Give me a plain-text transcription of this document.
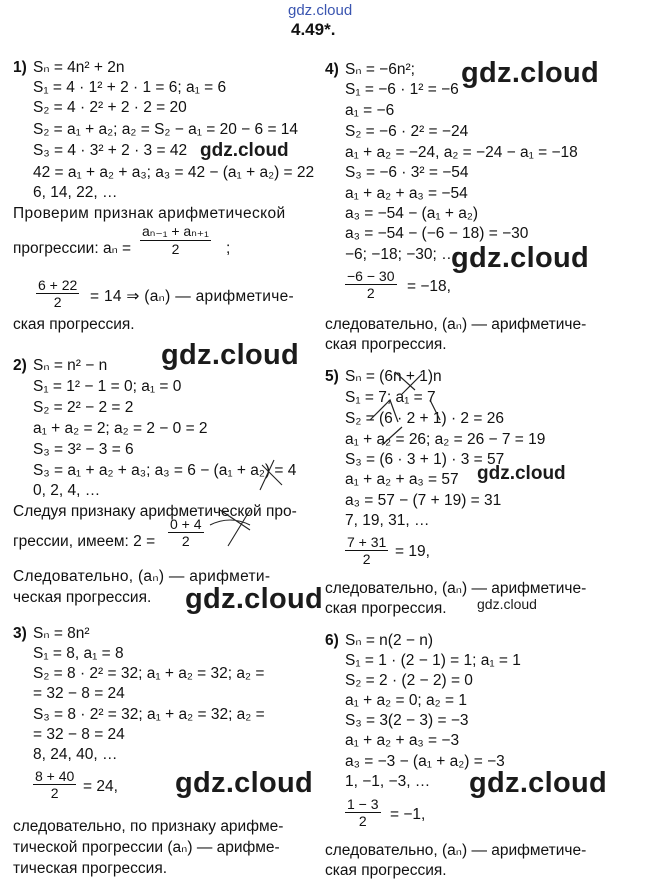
gdz.cloud
4.49*.
1) Sₙ = 4n² + 2n
S₁ = 4 · 1² + 2 · 1 = 6; a₁ = 6
S₂ = 4 · 2² + 2 · 2 = 20
S₂ = a₁ + a₂; a₂ = S₂ − a₁ = 20 − 6 = 14
S₃ = 4 · 3² + 2 · 3 = 42
42 = a₁ + a₂ + a₃; a₃ = 42 − (a₁ + a₂) = 22
6, 14, 22, …
Проверим признак арифметической
прогрессии: $a_n = \frac{\text{aₙ₋₁ + aₙ₊₁}}{2}$ ;
$\frac{6 + 22}{2} = 14$ ⇒ (aₙ) — арифметиче-
ская прогрессия.
2) Sₙ = n² − n
S₁ = 1² − 1 = 0; a₁ = 0
S₂ = 2² − 2 = 2
a₁ + a₂ = 2; a₂ = 2 − 0 = 2
S₃ = 3² − 3 = 6
S₃ = a₁ + a₂ + a₃; a₃ = 6 − (a₁ + a₂) = 4
0, 2, 4, …
Следуя признаку арифметической про-
грессии, имеем: $2 = \frac{0 + 4}{2}$
Следовательно, (aₙ) — арифмети-
ческая прогрессия.
3) Sₙ = 8n²
S₁ = 8, a₁ = 8
S₂ = 8 · 2² = 32; a₁ + a₂ = 32; a₂ =
= 32 − 8 = 24
S₃ = 8 · 2² = 32; a₁ + a₂ = 32; a₂ =
= 32 − 8 = 24
8, 24, 40, …
$\frac{8 + 40}{2} = 24$,
следовательно, по признаку арифме-
тической прогрессии (aₙ) — арифме-
тическая прогрессия.
4) Sₙ = −6n²;
S₁ = −6 · 1² = −6
a₁ = −6
S₂ = −6 · 2² = −24
a₁ + a₂ = −24, a₂ = −24 − a₁ = −18
S₃ = −6 · 3² = −54
a₁ + a₂ + a₃ = −54
a₃ = −54 − (a₁ + a₂)
a₃ = −54 − (−6 − 18) = −30
−6; −18; −30; …
$\frac{-6 - 30}{2} = -18$,
следовательно, (aₙ) — арифметиче-
ская прогрессия.
5) Sₙ = (6n + 1)n
S₁ = 7; a₁ = 7
S₂ = (6 · 2 + 1) · 2 = 26
a₁ + a₂ = 26; a₂ = 26 − 7 = 19
S₃ = (6 · 3 + 1) · 3 = 57
a₁ + a₂ + a₃ = 57
a₃ = 57 − (7 + 19) = 31
7, 19, 31, …
$\frac{7 + 31}{2} = 19$,
следовательно, (aₙ) — арифметиче-
ская прогрессия.
6) Sₙ = n(2 − n)
S₁ = 1 · (2 − 1) = 1; a₁ = 1
S₂ = 2 · (2 − 2) = 0
a₁ + a₂ = 0; a₂ = 1
S₃ = 3(2 − 3) = −3
a₁ + a₂ + a₃ = −3
a₃ = −3 − (a₁ + a₂) = −3
1, −1, −3, …
$\frac{1 - 3}{2} = -1$,
следовательно, (aₙ) — арифметиче-
ская прогрессия.
gdz.cloud
gdz.cloud
gdz.cloud
gdz.cloud
gdz.cloud
gdz.cloud	gdz.cloud
gdz.cloud	gdz.cloud
